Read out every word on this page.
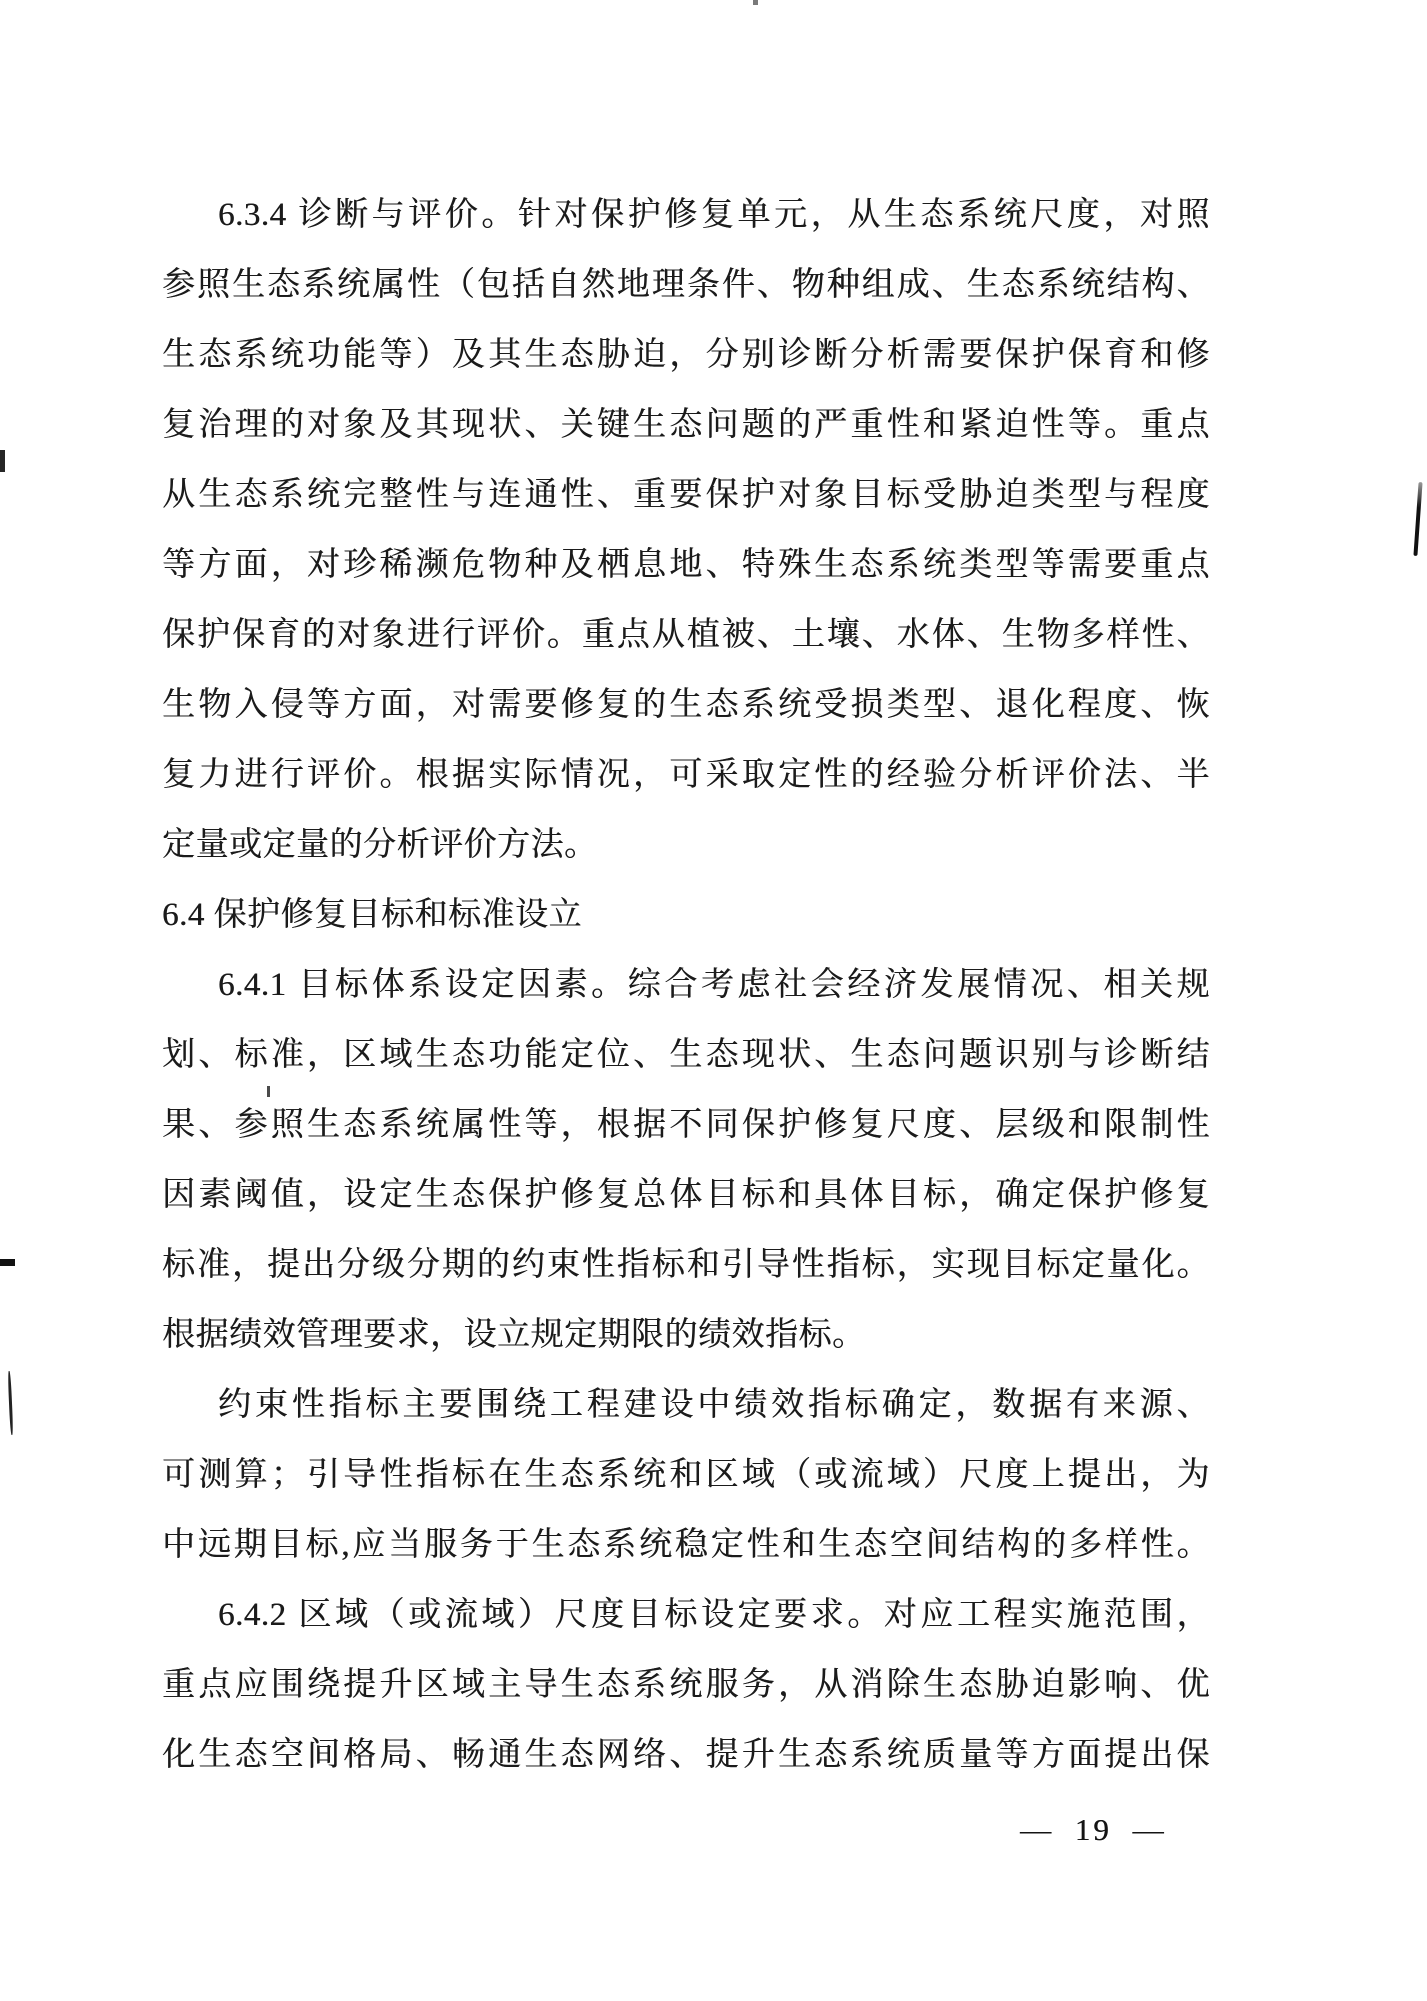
6.3.4 诊断与评价。针对保护修复单元，从生态系统尺度，对照
参照生态系统属性（包括自然地理条件、物种组成、生态系统结构、
生态系统功能等）及其生态胁迫，分别诊断分析需要保护保育和修
复治理的对象及其现状、关键生态问题的严重性和紧迫性等。重点
从生态系统完整性与连通性、重要保护对象目标受胁迫类型与程度
等方面，对珍稀濒危物种及栖息地、特殊生态系统类型等需要重点
保护保育的对象进行评价。重点从植被、土壤、水体、生物多样性、
生物入侵等方面，对需要修复的生态系统受损类型、退化程度、恢
复力进行评价。根据实际情况，可采取定性的经验分析评价法、半
定量或定量的分析评价方法。
6.4 保护修复目标和标准设立
6.4.1 目标体系设定因素。综合考虑社会经济发展情况、相关规
划、标准，区域生态功能定位、生态现状、生态问题识别与诊断结
果、参照生态系统属性等，根据不同保护修复尺度、层级和限制性
因素阈值，设定生态保护修复总体目标和具体目标，确定保护修复
标准，提出分级分期的约束性指标和引导性指标，实现目标定量化。
根据绩效管理要求，设立规定期限的绩效指标。
约束性指标主要围绕工程建设中绩效指标确定，数据有来源、
可测算；引导性指标在生态系统和区域（或流域）尺度上提出，为
中远期目标,应当服务于生态系统稳定性和生态空间结构的多样性。
6.4.2 区域（或流域）尺度目标设定要求。对应工程实施范围，
重点应围绕提升区域主导生态系统服务，从消除生态胁迫影响、优
化生态空间格局、畅通生态网络、提升生态系统质量等方面提出保
— 19 —
